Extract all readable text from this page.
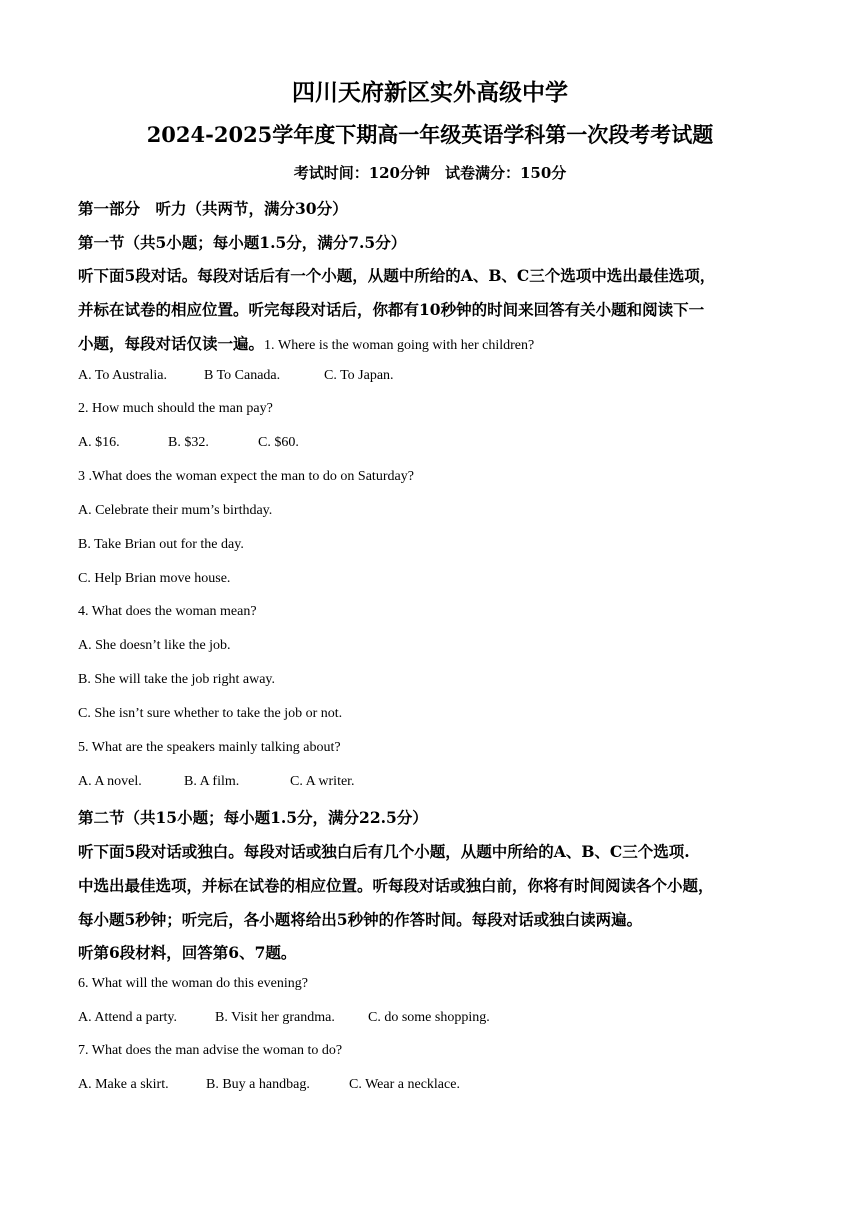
四川天府新区实外高级中学
2024-2025学年度下期高一年级英语学科第一次段考考试题
考试时间：120分钟　试卷满分：150分
第一部分　听力（共两节，满分30分）
第一节（共5小题；每小题1.5分，满分7.5分）
听下面5段对话。每段对话后有一个小题，从题中所给的A、B、C三个选项中选出最佳选项，
并标在试卷的相应位置。听完每段对话后，你都有10秒钟的时间来回答有关小题和阅读下一
小题，每段对话仅读一遍。1. Where is the woman going with her children?
A. To Australia.	B To Canada.	C. To Japan.
2. How much should the man pay?
A. $16.	B. $32.	C. $60.
3 .What does the woman expect the man to do on Saturday?
A. Celebrate their mum’s birthday.
B. Take Brian out for the day.
C. Help Brian move house.
4. What does the woman mean?
A. She doesn’t like the job.
B. She will take the job right away.
C. She isn’t sure whether to take the job or not.
5. What are the speakers mainly talking about?
A. A novel.	B. A film.	C. A writer.
第二节（共15小题；每小题1.5分，满分22.5分）
听下面5段对话或独白。每段对话或独白后有几个小题，从题中所给的A、B、C三个选项.
中选出最佳选项，并标在试卷的相应位置。听每段对话或独白前，你将有时间阅读各个小题，
每小题5秒钟；听完后，各小题将给出5秒钟的作答时间。每段对话或独白读两遍。
听第6段材料，回答第6、7题。
6. What will the woman do this evening?
A. Attend a party.	B. Visit her grandma. C. do some shopping.
7. What does the man advise the woman to do?
A. Make a skirt.	B. Buy a handbag.	C. Wear a necklace.
